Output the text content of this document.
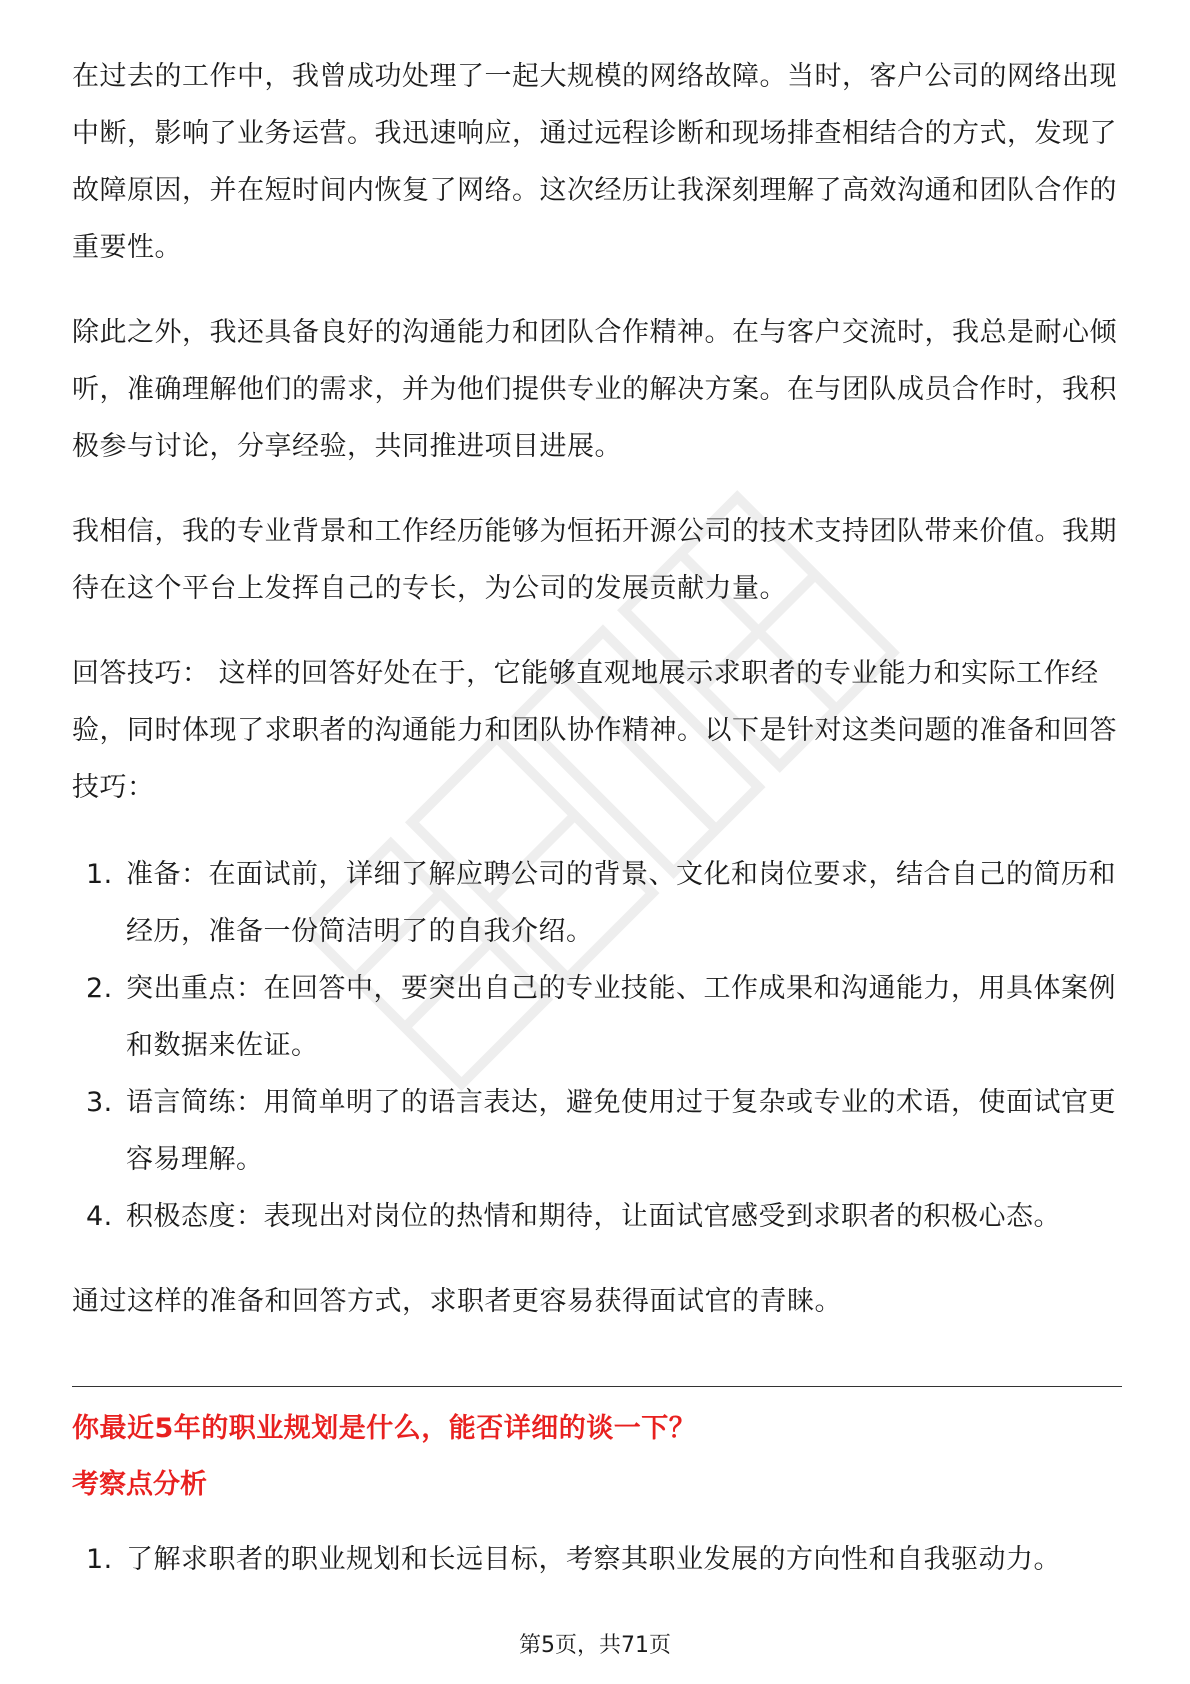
在过去的工作中，我曾成功处理了一起大规模的网络故障。当时，客户公司的网络出现中断，影响了业务运营。我迅速响应，通过远程诊断和现场排查相结合的方式，发现了故障原因，并在短时间内恢复了网络。这次经历让我深刻理解了高效沟通和团队合作的重要性。

除此之外，我还具备良好的沟通能力和团队合作精神。在与客户交流时，我总是耐心倾听，准确理解他们的需求，并为他们提供专业的解决方案。在与团队成员合作时，我积极参与讨论，分享经验，共同推进项目进展。

我相信，我的专业背景和工作经历能够为恒拓开源公司的技术支持团队带来价值。我期待在这个平台上发挥自己的专长，为公司的发展贡献力量。

回答技巧： 这样的回答好处在于，它能够直观地展示求职者的专业能力和实际工作经验，同时体现了求职者的沟通能力和团队协作精神。以下是针对这类问题的准备和回答技巧：

1. 准备：在面试前，详细了解应聘公司的背景、文化和岗位要求，结合自己的简历和经历，准备一份简洁明了的自我介绍。
2. 突出重点：在回答中，要突出自己的专业技能、工作成果和沟通能力，用具体案例和数据来佐证。
3. 语言简练：用简单明了的语言表达，避免使用过于复杂或专业的术语，使面试官更容易理解。
4. 积极态度：表现出对岗位的热情和期待，让面试官感受到求职者的积极心态。
通过这样的准备和回答方式，求职者更容易获得面试官的青睐。
你最近5年的职业规划是什么，能否详细的谈一下？
考察点分析
1. 了解求职者的职业规划和长远目标，考察其职业发展的方向性和自我驱动力。
第5页，共71页
